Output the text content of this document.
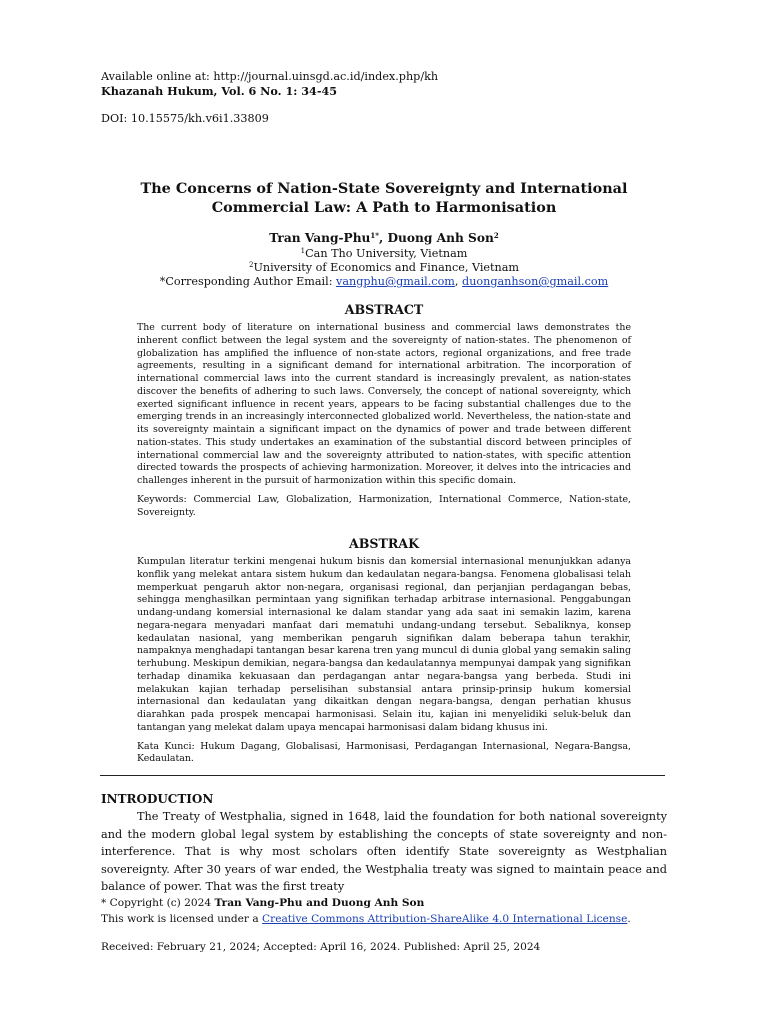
Available online at: http://journal.uinsgd.ac.id/index.php/kh
Khazanah Hukum, Vol. 6 No. 1: 34-45
DOI: 10.15575/kh.v6i1.33809
The Concerns of Nation-State Sovereignty and International Commercial Law: A Path to Harmonisation
Tran Vang-Phu$^{1*}$, Duong Anh Son$^2$
$^1$Can Tho University, Vietnam
$^2$University of Economics and Finance, Vietnam
*Corresponding Author Email: vangphu@gmail.com, duonganhson@gmail.com
ABSTRACT

The current body of literature on international business and commercial laws demonstrates the inherent conflict between the legal system and the sovereignty of nation-states. The phenomenon of globalization has amplified the influence of non-state actors, regional organizations, and free trade agreements, resulting in a significant demand for international arbitration. The incorporation of international commercial laws into the current standard is increasingly prevalent, as nation-states discover the benefits of adhering to such laws. Conversely, the concept of national sovereignty, which exerted significant influence in recent years, appears to be facing substantial challenges due to the emerging trends in an increasingly interconnected globalized world. Nevertheless, the nation-state and its sovereignty maintain a significant impact on the dynamics of power and trade between different nation-states. This study undertakes an examination of the substantial discord between principles of international commercial law and the sovereignty attributed to nation-states, with specific attention directed towards the prospects of achieving harmonization. Moreover, it delves into the intricacies and challenges inherent in the pursuit of harmonization within this specific domain.

Keywords: Commercial Law, Globalization, Harmonization, International Commerce, Nation-state, Sovereignty.

ABSTRAK

Kumpulan literatur terkini mengenai hukum bisnis dan komersial internasional menunjukkan adanya konflik yang melekat antara sistem hukum dan kedaulatan negara-bangsa. Fenomena globalisasi telah memperkuat pengaruh aktor non-negara, organisasi regional, dan perjanjian perdagangan bebas, sehingga menghasilkan permintaan yang signifikan terhadap arbitrase internasional. Penggabungan undang-undang komersial internasional ke dalam standar yang ada saat ini semakin lazim, karena negara-negara menyadari manfaat dari mematuhi undang-undang tersebut. Sebaliknya, konsep kedaulatan nasional, yang memberikan pengaruh signifikan dalam beberapa tahun terakhir, nampaknya menghadapi tantangan besar karena tren yang muncul di dunia global yang semakin saling terhubung. Meskipun demikian, negara-bangsa dan kedaulatannya mempunyai dampak yang signifikan terhadap dinamika kekuasaan dan perdagangan antar negara-bangsa yang berbeda. Studi ini melakukan kajian terhadap perselisihan substansial antara prinsip-prinsip hukum komersial internasional dan kedaulatan yang dikaitkan dengan negara-bangsa, dengan perhatian khusus diarahkan pada prospek mencapai harmonisasi. Selain itu, kajian ini menyelidiki seluk-beluk dan tantangan yang melekat dalam upaya mencapai harmonisasi dalam bidang khusus ini.

Kata Kunci: Hukum Dagang, Globalisasi, Harmonisasi, Perdagangan Internasional, Negara-Bangsa, Kedaulatan.

INTRODUCTION

The Treaty of Westphalia, signed in 1648, laid the foundation for both national sovereignty and the modern global legal system by establishing the concepts of state sovereignty and non-interference. That is why most scholars often identify State sovereignty as Westphalian sovereignty. After 30 years of war ended, the Westphalia treaty was signed to maintain peace and balance of power. That was the first treaty

* Copyright (c) 2024 Tran Vang-Phu and Duong Anh Son
This work is licensed under a Creative Commons Attribution-ShareAlike 4.0 International License.
Received: February 21, 2024; Accepted: April 16, 2024. Published: April 25, 2024
